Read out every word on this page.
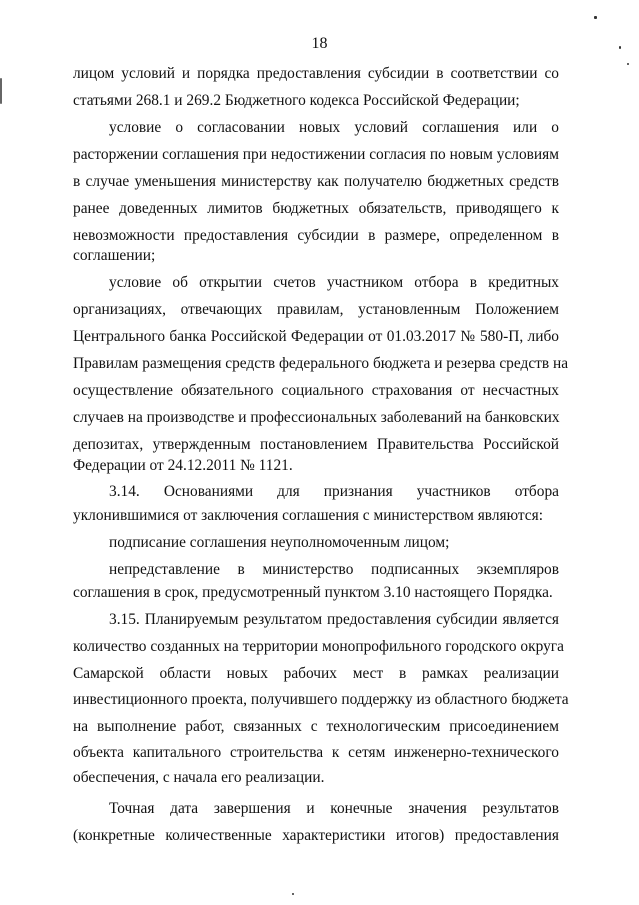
18
лицом условий и порядка предоставления субсидии в соответствии со
статьями 268.1 и 269.2 Бюджетного кодекса Российской Федерации;
условие о согласовании новых условий соглашения или о
расторжении соглашения при недостижении согласия по новым условиям
в случае уменьшения министерству как получателю бюджетных средств
ранее доведенных лимитов бюджетных обязательств, приводящего к
невозможности предоставления субсидии в размере, определенном в
соглашении;
условие об открытии счетов участником отбора в кредитных
организациях, отвечающих правилам, установленным Положением
Центрального банка Российской Федерации от 01.03.2017 № 580-П, либо
Правилам размещения средств федерального бюджета и резерва средств на
осуществление обязательного социального страхования от несчастных
случаев на производстве и профессиональных заболеваний на банковских
депозитах, утвержденным постановлением Правительства Российской
Федерации от 24.12.2011 № 1121.
3.14. Основаниями для признания участников отбора
уклонившимися от заключения соглашения с министерством являются:
подписание соглашения неуполномоченным лицом;
непредставление в министерство подписанных экземпляров
соглашения в срок, предусмотренный пунктом 3.10 настоящего Порядка.
3.15. Планируемым результатом предоставления субсидии является
количество созданных на территории монопрофильного городского округа
Самарской области новых рабочих мест в рамках реализации
инвестиционного проекта, получившего поддержку из областного бюджета
на выполнение работ, связанных с технологическим присоединением
объекта капитального строительства к сетям инженерно-технического
обеспечения, с начала его реализации.
Точная дата завершения и конечные значения результатов
(конкретные количественные характеристики итогов) предоставления
